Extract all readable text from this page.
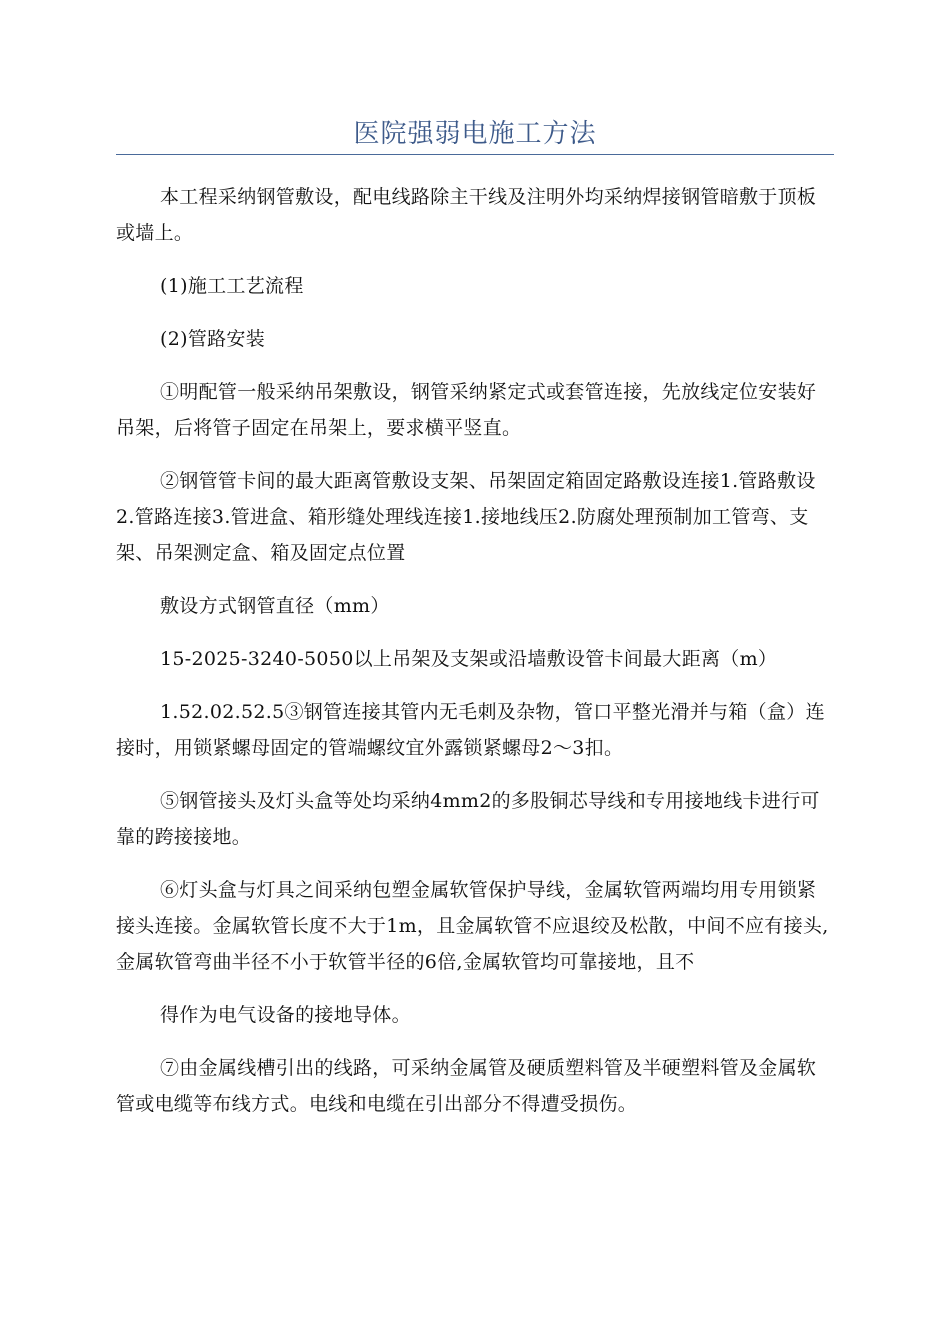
医院强弱电施工方法

本工程采纳钢管敷设，配电线路除主干线及注明外均采纳焊接钢管暗敷于顶板或墙上。

(1)施工工艺流程

(2)管路安装

①明配管一般采纳吊架敷设，钢管采纳紧定式或套管连接，先放线定位安装好吊架，后将管子固定在吊架上，要求横平竖直。

②钢管管卡间的最大距离管敷设支架、吊架固定箱固定路敷设连接1.管路敷设2.管路连接3.管进盒、箱形缝处理线连接1.接地线压2.防腐处理预制加工管弯、支架、吊架测定盒、箱及固定点位置

敷设方式钢管直径（mm）

15-2025-3240-5050以上吊架及支架或沿墙敷设管卡间最大距离（m）

1.52.02.52.5③钢管连接其管内无毛刺及杂物，管口平整光滑并与箱（盒）连接时，用锁紧螺母固定的管端螺纹宜外露锁紧螺母2～3扣。

⑤钢管接头及灯头盒等处均采纳4mm2的多股铜芯导线和专用接地线卡进行可靠的跨接接地。

⑥灯头盒与灯具之间采纳包塑金属软管保护导线，金属软管两端均用专用锁紧接头连接。金属软管长度不大于1m，且金属软管不应退绞及松散，中间不应有接头,金属软管弯曲半径不小于软管半径的6倍,金属软管均可靠接地，且不

得作为电气设备的接地导体。

⑦由金属线槽引出的线路，可采纳金属管及硬质塑料管及半硬塑料管及金属软管或电缆等布线方式。电线和电缆在引出部分不得遭受损伤。
